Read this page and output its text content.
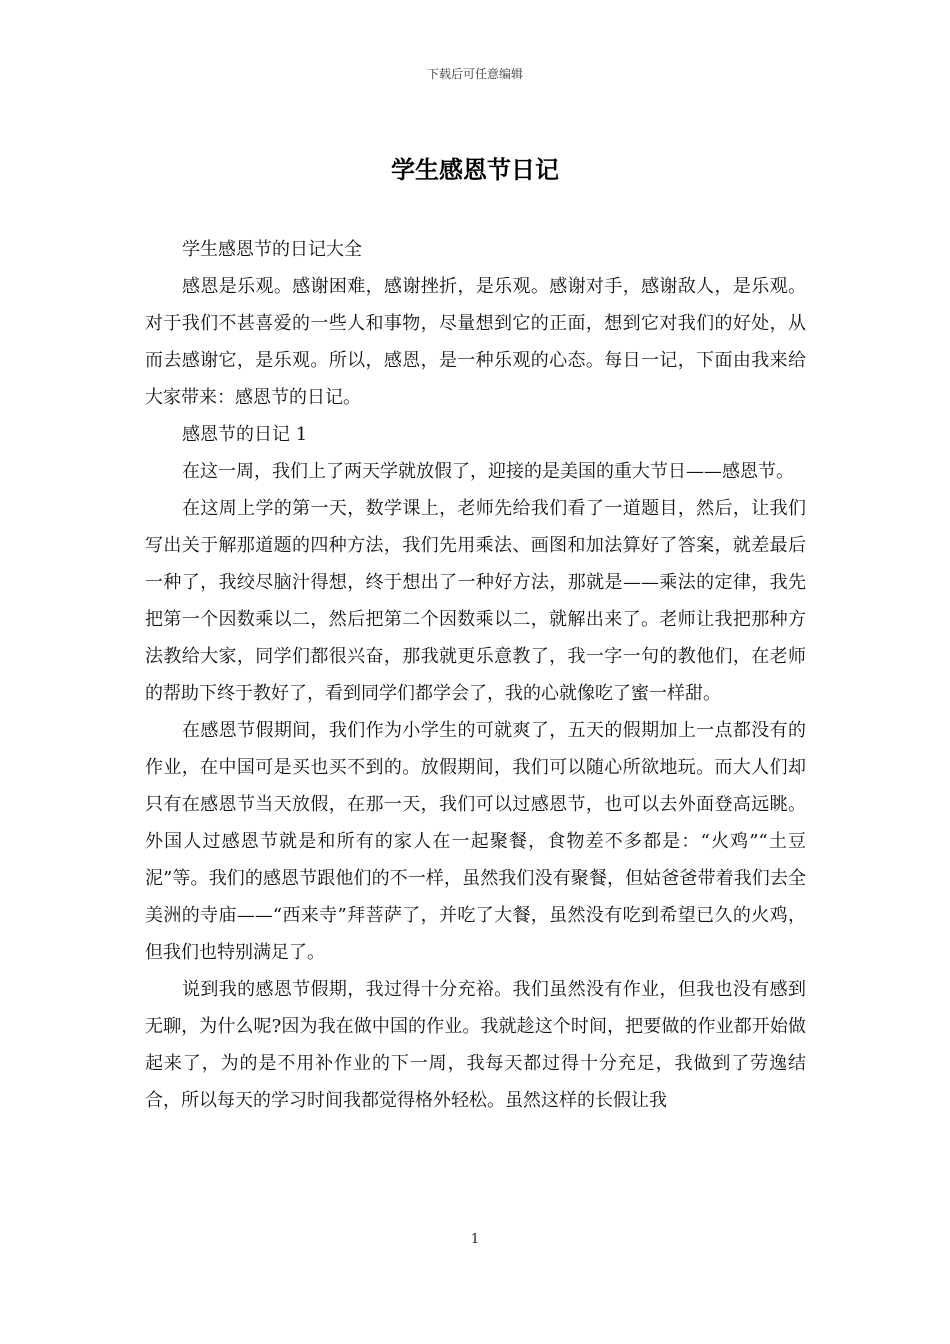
下载后可任意编辑
学生感恩节日记

学生感恩节的日记大全

感恩是乐观。感谢困难，感谢挫折，是乐观。感谢对手，感谢敌人，是乐观。对于我们不甚喜爱的一些人和事物，尽量想到它的正面，想到它对我们的好处，从而去感谢它，是乐观。所以，感恩，是一种乐观的心态。每日一记，下面由我来给大家带来：感恩节的日记。

感恩节的日记 1

在这一周，我们上了两天学就放假了，迎接的是美国的重大节日——感恩节。

在这周上学的第一天，数学课上，老师先给我们看了一道题目，然后，让我们写出关于解那道题的四种方法，我们先用乘法、画图和加法算好了答案，就差最后一种了，我绞尽脑汁得想，终于想出了一种好方法，那就是——乘法的定律，我先把第一个因数乘以二，然后把第二个因数乘以二，就解出来了。老师让我把那种方法教给大家，同学们都很兴奋，那我就更乐意教了，我一字一句的教他们，在老师的帮助下终于教好了，看到同学们都学会了，我的心就像吃了蜜一样甜。

在感恩节假期间，我们作为小学生的可就爽了，五天的假期加上一点都没有的作业，在中国可是买也买不到的。放假期间，我们可以随心所欲地玩。而大人们却只有在感恩节当天放假，在那一天，我们可以过感恩节，也可以去外面登高远眺。外国人过感恩节就是和所有的家人在一起聚餐，食物差不多都是：“火鸡”“土豆泥”等。我们的感恩节跟他们的不一样，虽然我们没有聚餐，但姑爸爸带着我们去全美洲的寺庙——“西来寺”拜菩萨了，并吃了大餐，虽然没有吃到希望已久的火鸡，但我们也特别满足了。

说到我的感恩节假期，我过得十分充裕。我们虽然没有作业，但我也没有感到无聊，为什么呢?因为我在做中国的作业。我就趁这个时间，把要做的作业都开始做起来了，为的是不用补作业的下一周，我每天都过得十分充足，我做到了劳逸结合，所以每天的学习时间我都觉得格外轻松。虽然这样的长假让我

1
